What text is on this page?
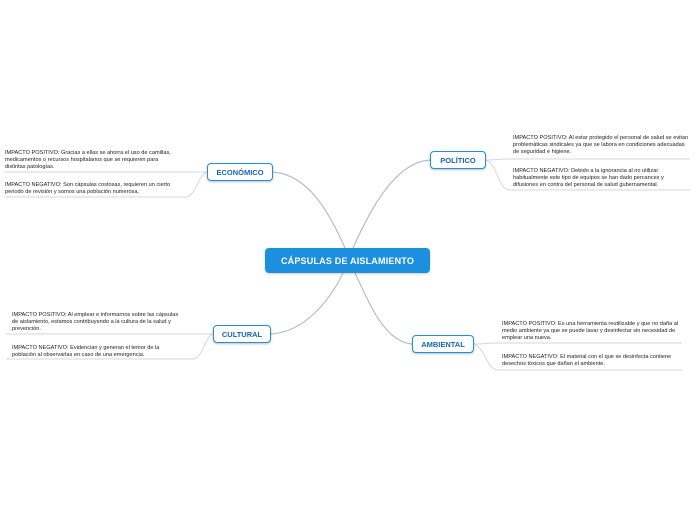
CÁPSULAS DE AISLAMIENTO
ECONÓMICO
IMPACTO POSITIVO: Gracias a ellas se ahorra el uso de camillas, medicamentos o recursos hospitalarios que se requieren para distintas patologías.
IMPACTO NEGATIVO: Son cápsulas costosas, requieren un cierto periodo de revisión y somos una población numerosa.
POLÍTICO
IMPACTO POSITIVO: Al estar protegido el personal de salud se evitan problemáticas sindicales ya que se labora en condiciones adecuadas de seguridad e higiene.
IMPACTO NEGATIVO: Debido a la ignorancia al no utilizar habitualmente este tipo de equipos se han dado percances y difusiones en contra del personal de salud gubernamental.
CULTURAL
IMPACTO POSITIVO: Al emplear e informarnos sobre las cápsulas de aislamiento, estamos contribuyendo a la cultura de la salud y prevención.
IMPACTO NEGATIVO: Evidencian y generan el temor de la población al observarlas en caso de una emergencia.
AMBIENTAL
IMPACTO POSITIVO: Es una herramienta reutilizable y que no daña al medio ambiente ya que se puede lavar y desinfectar sin necesidad de emplear una nueva.
IMPACTO NEGATIVO: El material con el que se desinfecta contiene desechos tóxicos que dañan el ambiente.
